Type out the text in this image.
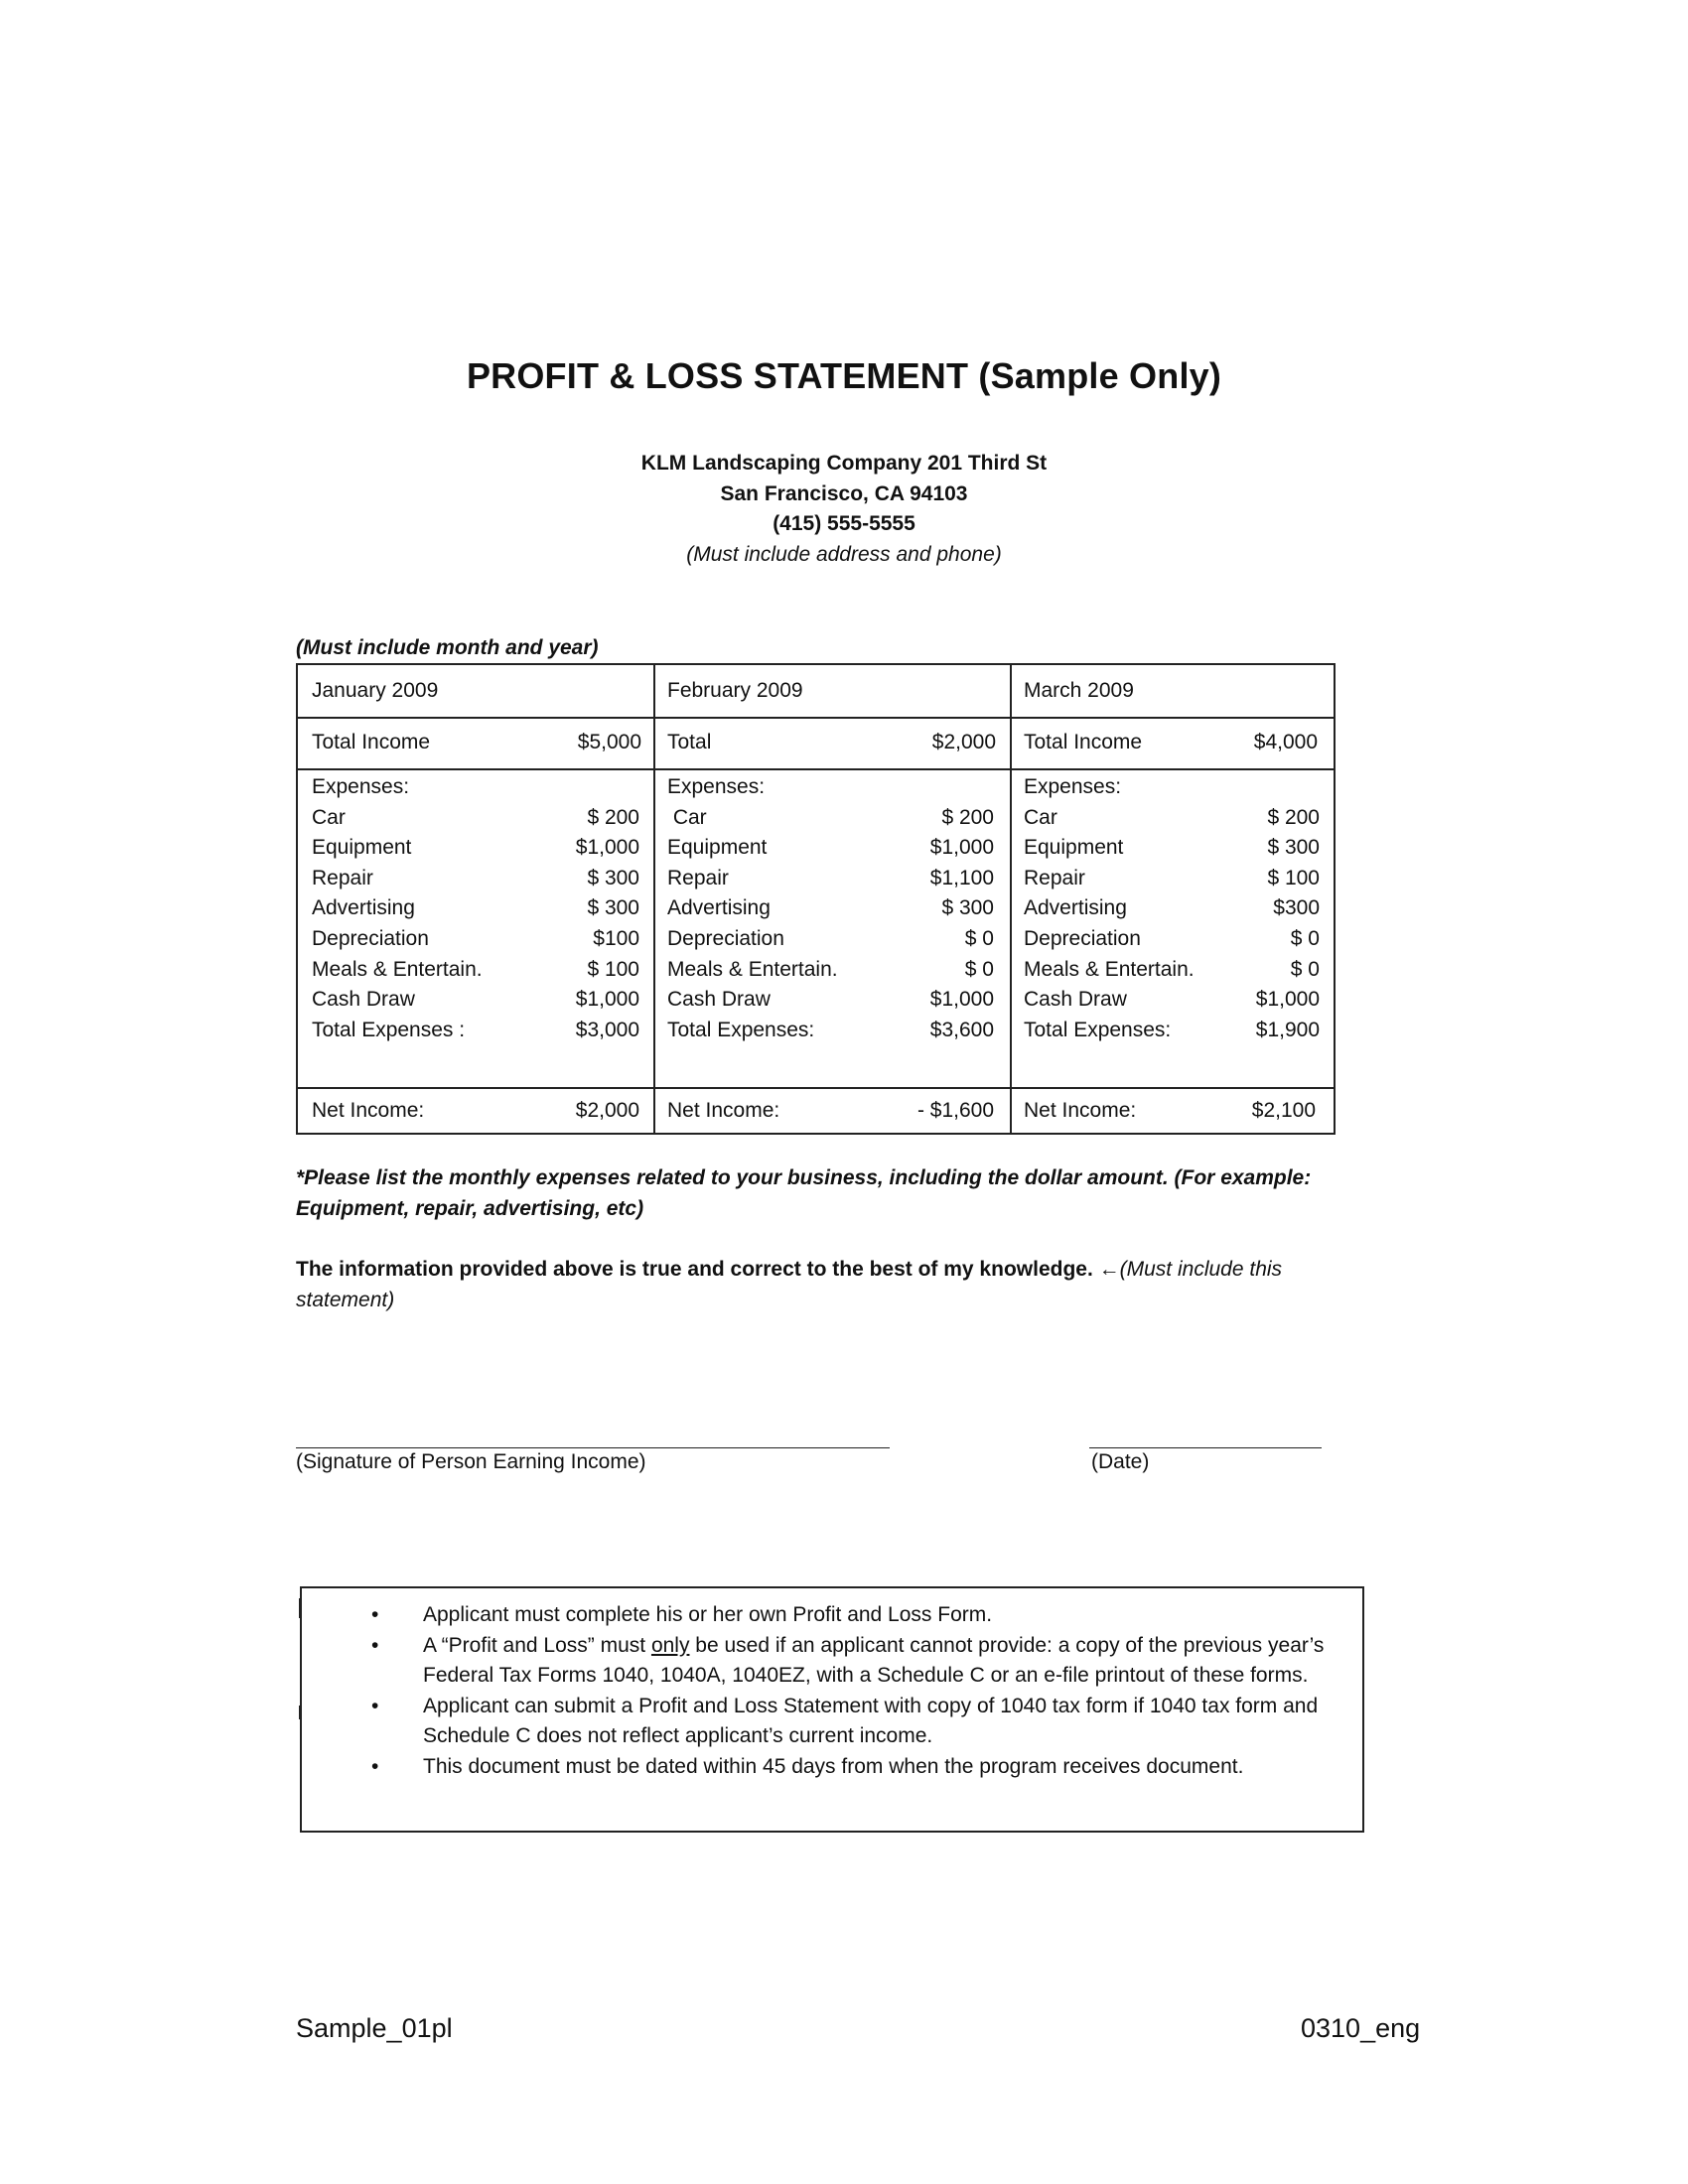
PROFIT & LOSS STATEMENT (Sample Only)
KLM Landscaping Company 201 Third St
San Francisco, CA 94103
(415) 555-5555
(Must include address and phone)
(Must include month and year)
January 2009
Total Income	$5,000
Expenses:
Car	$ 200
Equipment	$1,000
Repair	$ 300
Advertising	$ 300
Depreciation	$100
Meals & Entertain.	$ 100
Cash Draw	$1,000
Total Expenses :	$3,000
Net Income:	$2,000
February 2009
Total	$2,000
Expenses:
Car	$ 200
Equipment	$1,000
Repair	$1,100
Advertising	$ 300
Depreciation	$ 0
Meals & Entertain.	$ 0
Cash Draw	$1,000
Total Expenses:	$3,600
Net Income:	- $1,600
March 2009
Total Income	$4,000
Expenses:
Car	$ 200
Equipment	$ 300
Repair	$ 100
Advertising	$300
Depreciation	$ 0
Meals & Entertain.	$ 0
Cash Draw	$1,000
Total Expenses:	$1,900
Net Income:	$2,100
*Please list the monthly expenses related to your business, including the dollar amount. (For example: Equipment, repair, advertising, etc)
The information provided above is true and correct to the best of my knowledge. ←(Must include this statement)
(Signature of Person Earning Income)	(Date)
• Applicant must complete his or her own Profit and Loss Form.
• A “Profit and Loss” must only be used if an applicant cannot provide: a copy of the previous year’s Federal Tax Forms 1040, 1040A, 1040EZ, with a Schedule C or an e-file printout of these forms.
• Applicant can submit a Profit and Loss Statement with copy of 1040 tax form if 1040 tax form and Schedule C does not reflect applicant’s current income.
• This document must be dated within 45 days from when the program receives document.
Sample_01pl	0310_eng
